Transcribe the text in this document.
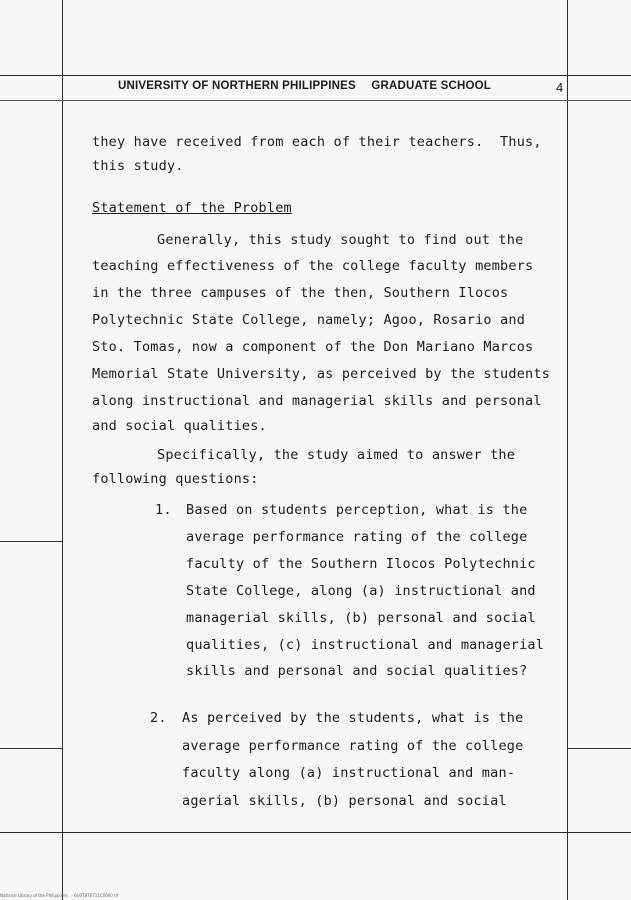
UNIVERSITY OF NORTHERN PHILIPPINES GRADUATE SCHOOL	4
they have received from each of their teachers.  Thus,
this study.
Statement of the Problem
Generally, this study sought to find out the
teaching effectiveness of the college faculty members
in the three campuses of the then, Southern Ilocos
Polytechnic State College, namely; Agoo, Rosario and
Sto. Tomas, now a component of the Don Mariano Marcos
Memorial State University, as perceived by the students
along instructional and managerial skills and personal
and social qualities.
Specifically, the study aimed to answer the
following questions:
1. Based on students perception, what is the
average performance rating of the college
faculty of the Southern Ilocos Polytechnic
State College, along (a) instructional and
managerial skills, (b) personal and social
qualities, (c) instructional and managerial
skills and personal and social qualities?
2. As perceived by the students, what is the
average performance rating of the college
faculty along (a) instructional and man-
agerial skills, (b) personal and social
National Library of the Philippines     0U0TBTET11C0000 tif
